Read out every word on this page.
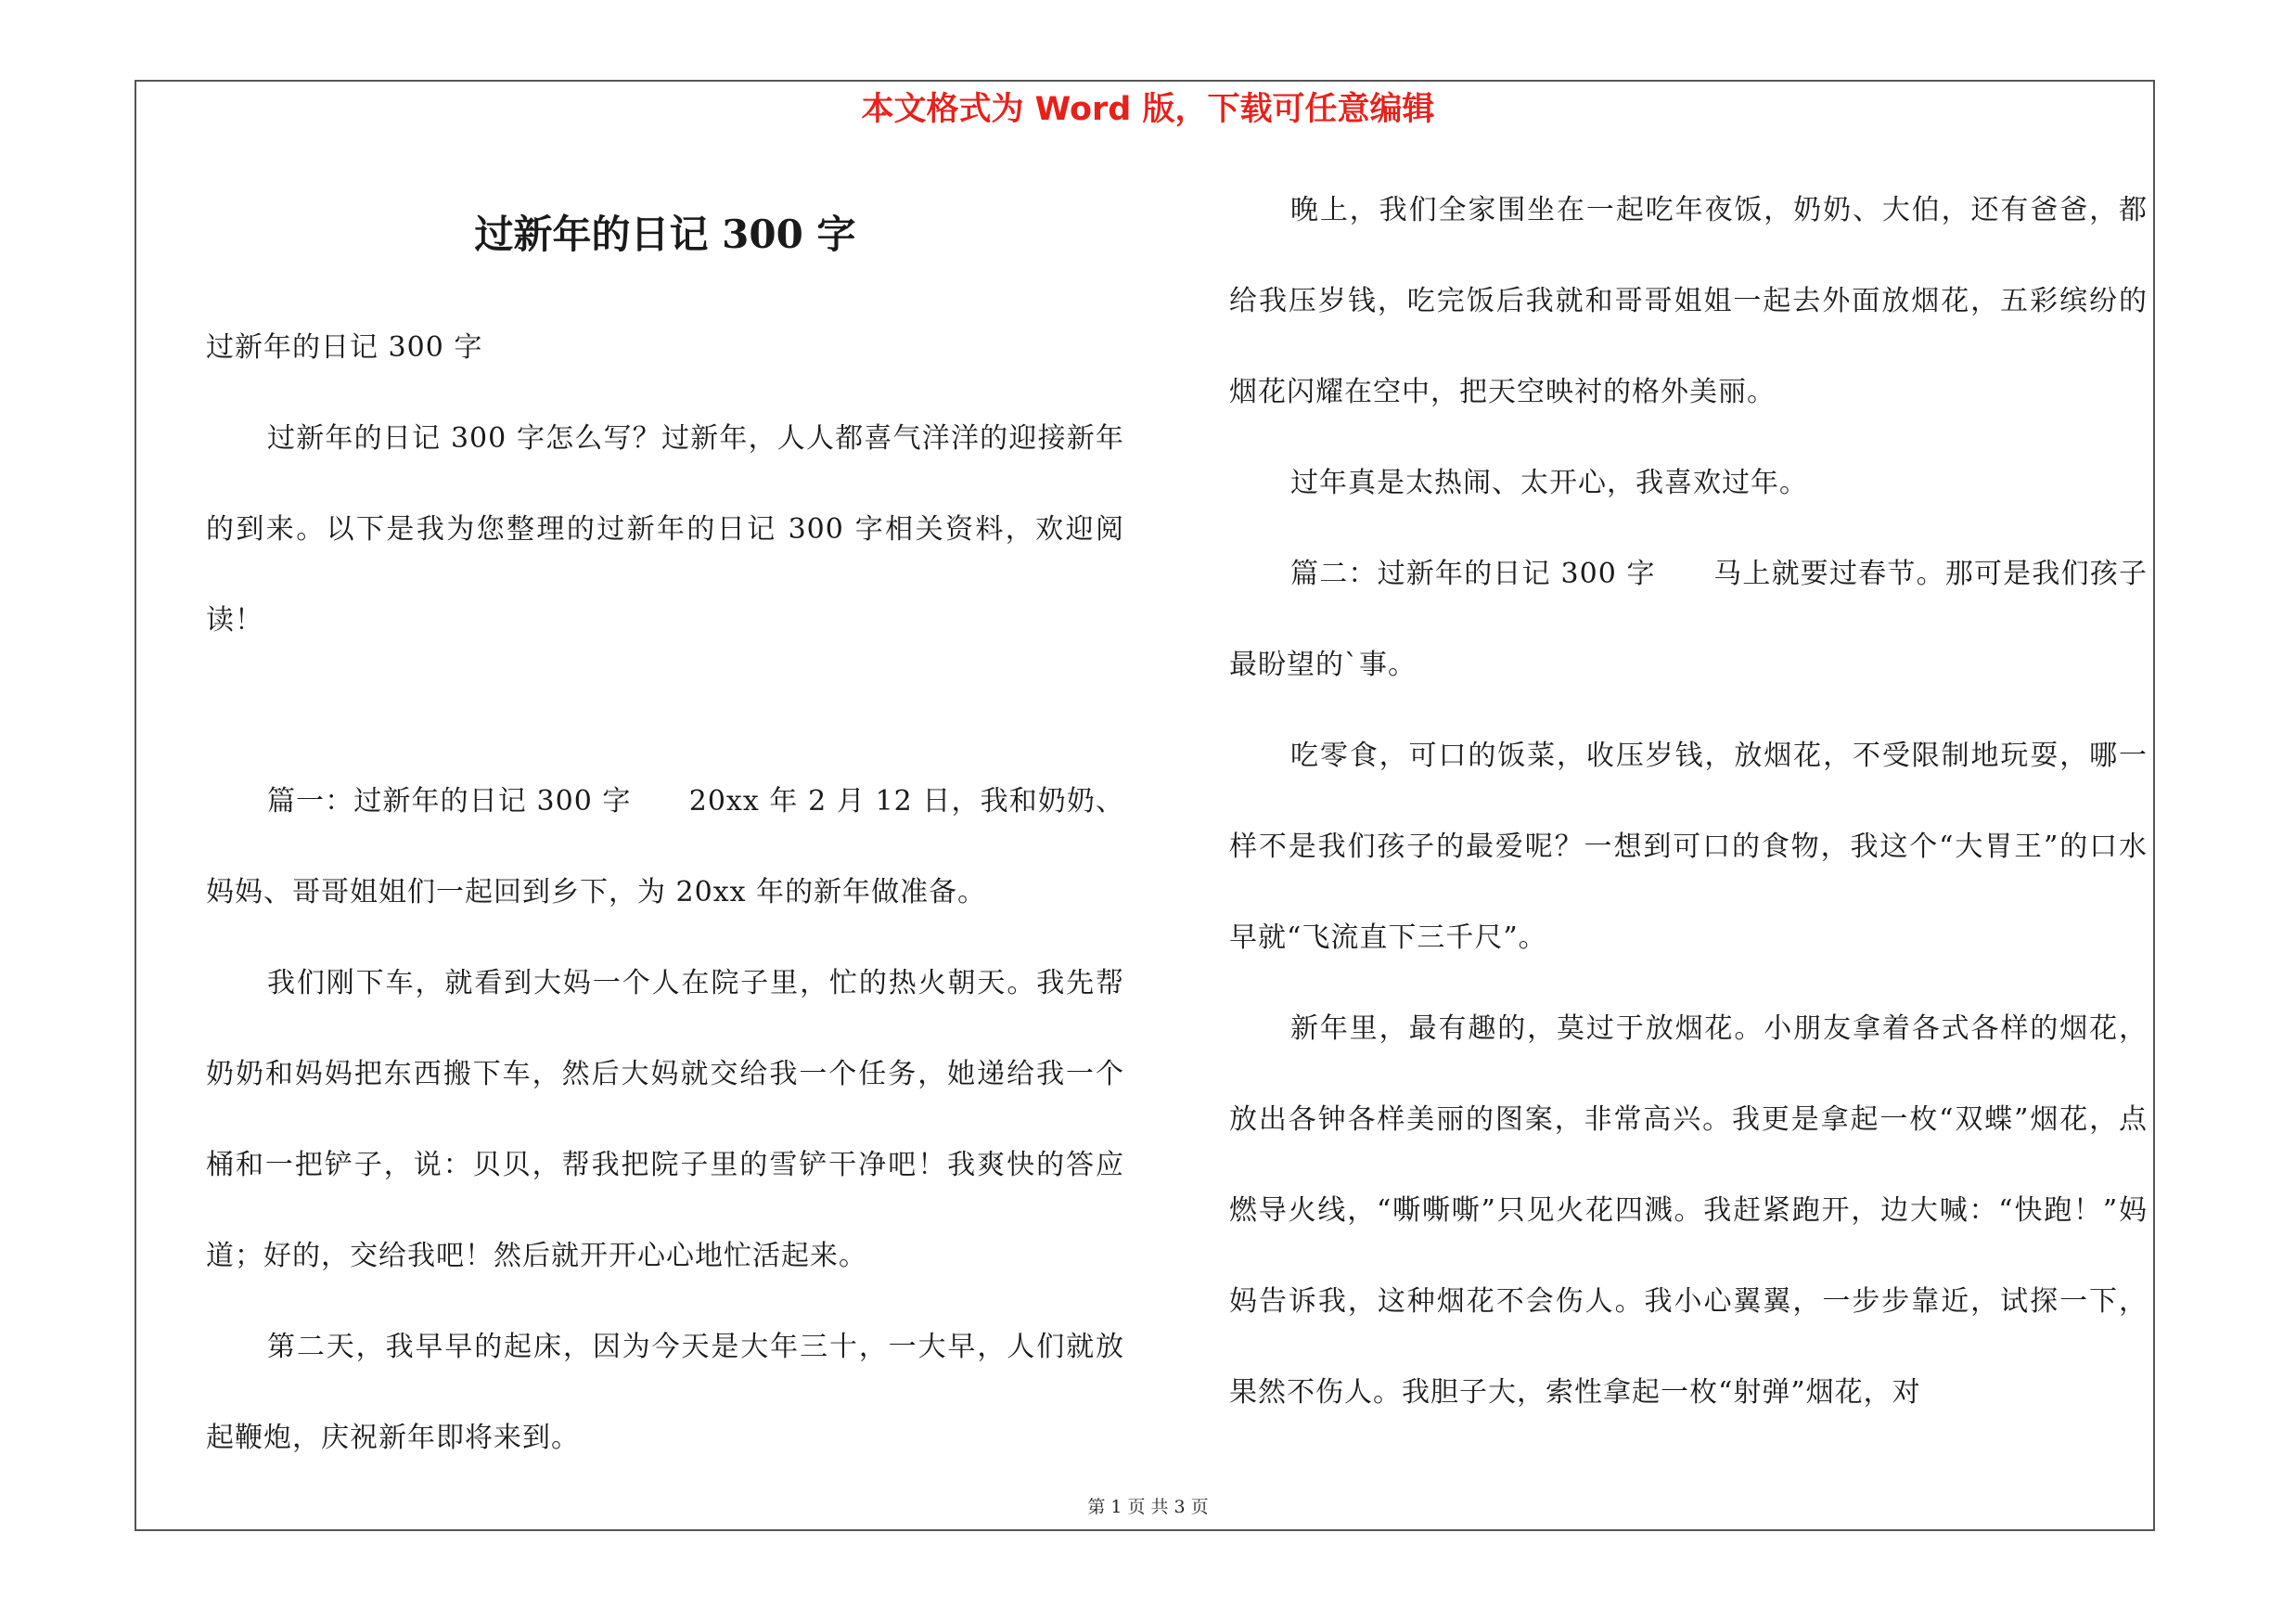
本文格式为 Word 版，下载可任意编辑
过新年的日记 300 字

过新年的日记 300 字

过新年的日记 300 字怎么写？过新年，人人都喜气洋洋的迎接新年的到来。以下是我为您整理的过新年的日记 300 字相关资料，欢迎阅读！

篇一：过新年的日记 300 字　　20xx 年 2 月 12 日，我和奶奶、妈妈、哥哥姐姐们一起回到乡下，为 20xx 年的新年做准备。

我们刚下车，就看到大妈一个人在院子里，忙的热火朝天。我先帮奶奶和妈妈把东西搬下车，然后大妈就交给我一个任务，她递给我一个桶和一把铲子，说：贝贝，帮我把院子里的雪铲干净吧！我爽快的答应道；好的，交给我吧！然后就开开心心地忙活起来。

第二天，我早早的起床，因为今天是大年三十，一大早，人们就放起鞭炮，庆祝新年即将来到。

晚上，我们全家围坐在一起吃年夜饭，奶奶、大伯，还有爸爸，都给我压岁钱，吃完饭后我就和哥哥姐姐一起去外面放烟花，五彩缤纷的烟花闪耀在空中，把天空映衬的格外美丽。

过年真是太热闹、太开心，我喜欢过年。

篇二：过新年的日记 300 字　　马上就要过春节。那可是我们孩子最盼望的`事。

吃零食，可口的饭菜，收压岁钱，放烟花，不受限制地玩耍，哪一样不是我们孩子的最爱呢？一想到可口的食物，我这个“大胃王”的口水早就“飞流直下三千尺”。

新年里，最有趣的，莫过于放烟花。小朋友拿着各式各样的烟花，放出各钟各样美丽的图案，非常高兴。我更是拿起一枚“双蝶”烟花，点燃导火线，“嘶嘶嘶”只见火花四溅。我赶紧跑开，边大喊：“快跑！”妈妈告诉我，这种烟花不会伤人。我小心翼翼，一步步靠近，试探一下，果然不伤人。我胆子大，索性拿起一枚“射弹”烟花，对

第 1 页 共 3 页
